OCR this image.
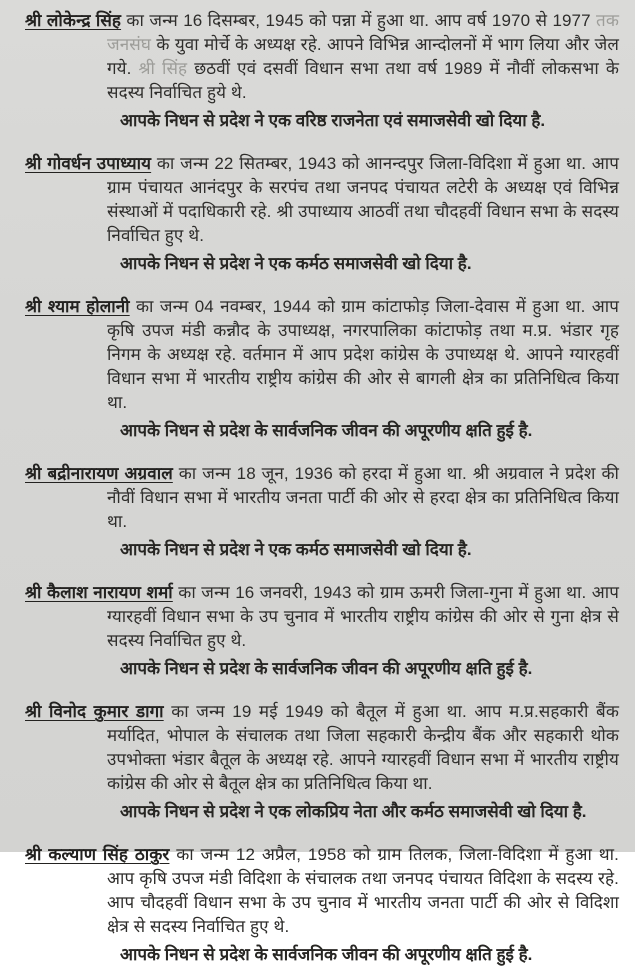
श्री लोकेन्द्र सिंह का जन्म 16 दिसम्बर, 1945 को पन्ना में हुआ था. आप वर्ष 1970 से 1977 तक जनसंघ के युवा मोर्चे के अध्यक्ष रहे. आपने विभिन्न आन्दोलनों में भाग लिया और जेल गये. श्री सिंह छठवीं एवं दसवीं विधान सभा तथा वर्ष 1989 में नौवीं लोकसभा के सदस्य निर्वाचित हुये थे.

आपके निधन से प्रदेश ने एक वरिष्ठ राजनेता एवं समाजसेवी खो दिया है.

श्री गोवर्धन उपाध्याय का जन्म 22 सितम्बर, 1943 को आनन्दपुर जिला-विदिशा में हुआ था. आप ग्राम पंचायत आनंदपुर के सरपंच तथा जनपद पंचायत लटेरी के अध्यक्ष एवं विभिन्न संस्थाओं में पदाधिकारी रहे. श्री उपाध्याय आठवीं तथा चौदहवीं विधान सभा के सदस्य निर्वाचित हुए थे.

आपके निधन से प्रदेश ने एक कर्मठ समाजसेवी खो दिया है.

श्री श्याम होलानी का जन्म 04 नवम्बर, 1944 को ग्राम कांटाफोड़ जिला-देवास में हुआ था. आप कृषि उपज मंडी कन्नौद के उपाध्यक्ष, नगरपालिका कांटाफोड़ तथा म.प्र. भंडार गृह निगम के अध्यक्ष रहे. वर्तमान में आप प्रदेश कांग्रेस के उपाध्यक्ष थे. आपने ग्यारहवीं विधान सभा में भारतीय राष्ट्रीय कांग्रेस की ओर से बागली क्षेत्र का प्रतिनिधित्व किया था.

आपके निधन से प्रदेश के सार्वजनिक जीवन की अपूरणीय क्षति हुई है.

श्री बद्रीनारायण अग्रवाल का जन्म 18 जून, 1936 को हरदा में हुआ था. श्री अग्रवाल ने प्रदेश की नौवीं विधान सभा में भारतीय जनता पार्टी की ओर से हरदा क्षेत्र का प्रतिनिधित्व किया था.

आपके निधन से प्रदेश ने एक कर्मठ समाजसेवी खो दिया है.

श्री कैलाश नारायण शर्मा का जन्म 16 जनवरी, 1943 को ग्राम ऊमरी जिला-गुना में हुआ था. आप ग्यारहवीं विधान सभा के उप चुनाव में भारतीय राष्ट्रीय कांग्रेस की ओर से गुना क्षेत्र से सदस्य निर्वाचित हुए थे.

आपके निधन से प्रदेश के सार्वजनिक जीवन की अपूरणीय क्षति हुई है.

श्री विनोद कुमार डागा का जन्म 19 मई 1949 को बैतूल में हुआ था. आप म.प्र.सहकारी बैंक मर्यादित, भोपाल के संचालक तथा जिला सहकारी केन्द्रीय बैंक और सहकारी थोक उपभोक्ता भंडार बैतूल के अध्यक्ष रहे. आपने ग्यारहवीं विधान सभा में भारतीय राष्ट्रीय कांग्रेस की ओर से बैतूल क्षेत्र का प्रतिनिधित्व किया था.

आपके निधन से प्रदेश ने एक लोकप्रिय नेता और कर्मठ समाजसेवी खो दिया है.

श्री कल्याण सिंह ठाकुर का जन्म 12 अप्रैल, 1958 को ग्राम तिलक, जिला-विदिशा में हुआ था. आप कृषि उपज मंडी विदिशा के संचालक तथा जनपद पंचायत विदिशा के सदस्य रहे. आप चौदहवीं विधान सभा के उप चुनाव में भारतीय जनता पार्टी की ओर से विदिशा क्षेत्र से सदस्य निर्वाचित हुए थे.

आपके निधन से प्रदेश के सार्वजनिक जीवन की अपूरणीय क्षति हुई है.
